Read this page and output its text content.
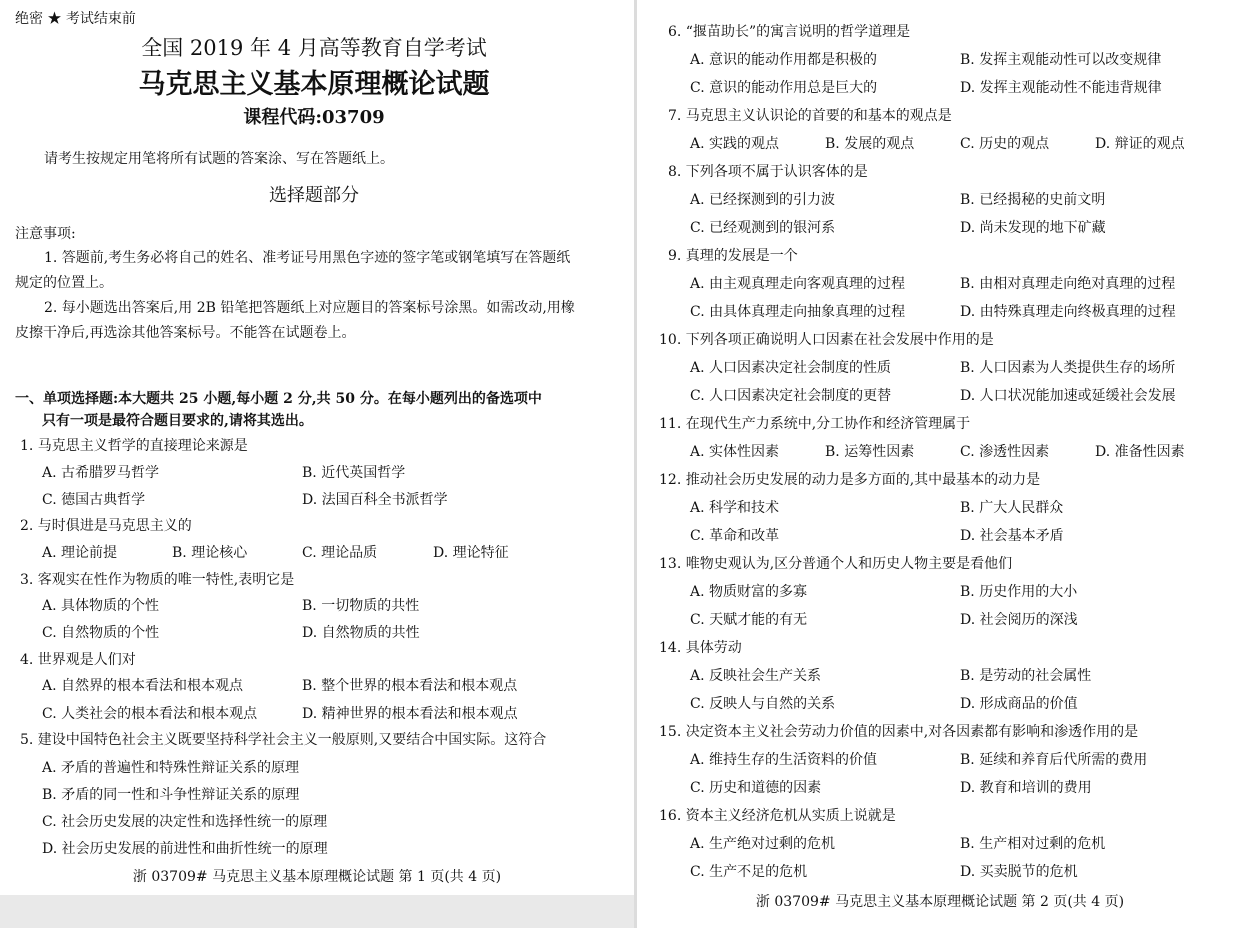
绝密 ★ 考试结束前
全国 2019 年 4 月高等教育自学考试
马克思主义基本原理概论试题
课程代码:03709
请考生按规定用笔将所有试题的答案涂、写在答题纸上。
选择题部分
注意事项:
1. 答题前,考生务必将自己的姓名、准考证号用黑色字迹的签字笔或钢笔填写在答题纸
规定的位置上。
2. 每小题选出答案后,用 2B 铅笔把答题纸上对应题目的答案标号涂黑。如需改动,用橡
皮擦干净后,再选涂其他答案标号。不能答在试题卷上。
一、单项选择题:本大题共 25 小题,每小题 2 分,共 50 分。在每小题列出的备选项中
只有一项是最符合题目要求的,请将其选出。
1. 马克思主义哲学的直接理论来源是
A. 古希腊罗马哲学	B. 近代英国哲学
C. 德国古典哲学	D. 法国百科全书派哲学
2. 与时俱进是马克思主义的
A. 理论前提	B. 理论核心	C. 理论品质	D. 理论特征
3. 客观实在性作为物质的唯一特性,表明它是
A. 具体物质的个性	B. 一切物质的共性
C. 自然物质的个性	D. 自然物质的共性
4. 世界观是人们对
A. 自然界的根本看法和根本观点	B. 整个世界的根本看法和根本观点
C. 人类社会的根本看法和根本观点	D. 精神世界的根本看法和根本观点
5. 建设中国特色社会主义既要坚持科学社会主义一般原则,又要结合中国实际。这符合
A. 矛盾的普遍性和特殊性辩证关系的原理
B. 矛盾的同一性和斗争性辩证关系的原理
C. 社会历史发展的决定性和选择性统一的原理
D. 社会历史发展的前进性和曲折性统一的原理
浙 03709# 马克思主义基本原理概论试题 第 1 页(共 4 页)
6. “揠苗助长”的寓言说明的哲学道理是
A. 意识的能动作用都是积极的	B. 发挥主观能动性可以改变规律
C. 意识的能动作用总是巨大的	D. 发挥主观能动性不能违背规律
7. 马克思主义认识论的首要的和基本的观点是
A. 实践的观点	B. 发展的观点	C. 历史的观点	D. 辩证的观点
8. 下列各项不属于认识客体的是
A. 已经探测到的引力波	B. 已经揭秘的史前文明
C. 已经观测到的银河系	D. 尚未发现的地下矿藏
9. 真理的发展是一个
A. 由主观真理走向客观真理的过程	B. 由相对真理走向绝对真理的过程
C. 由具体真理走向抽象真理的过程	D. 由特殊真理走向终极真理的过程
10. 下列各项正确说明人口因素在社会发展中作用的是
A. 人口因素决定社会制度的性质	B. 人口因素为人类提供生存的场所
C. 人口因素决定社会制度的更替	D. 人口状况能加速或延缓社会发展
11. 在现代生产力系统中,分工协作和经济管理属于
A. 实体性因素	B. 运筹性因素	C. 渗透性因素	D. 准备性因素
12. 推动社会历史发展的动力是多方面的,其中最基本的动力是
A. 科学和技术	B. 广大人民群众
C. 革命和改革	D. 社会基本矛盾
13. 唯物史观认为,区分普通个人和历史人物主要是看他们
A. 物质财富的多寡	B. 历史作用的大小
C. 天赋才能的有无	D. 社会阅历的深浅
14. 具体劳动
A. 反映社会生产关系	B. 是劳动的社会属性
C. 反映人与自然的关系	D. 形成商品的价值
15. 决定资本主义社会劳动力价值的因素中,对各因素都有影响和渗透作用的是
A. 维持生存的生活资料的价值	B. 延续和养育后代所需的费用
C. 历史和道德的因素	D. 教育和培训的费用
16. 资本主义经济危机从实质上说就是
A. 生产绝对过剩的危机	B. 生产相对过剩的危机
C. 生产不足的危机	D. 买卖脱节的危机
浙 03709# 马克思主义基本原理概论试题 第 2 页(共 4 页)
